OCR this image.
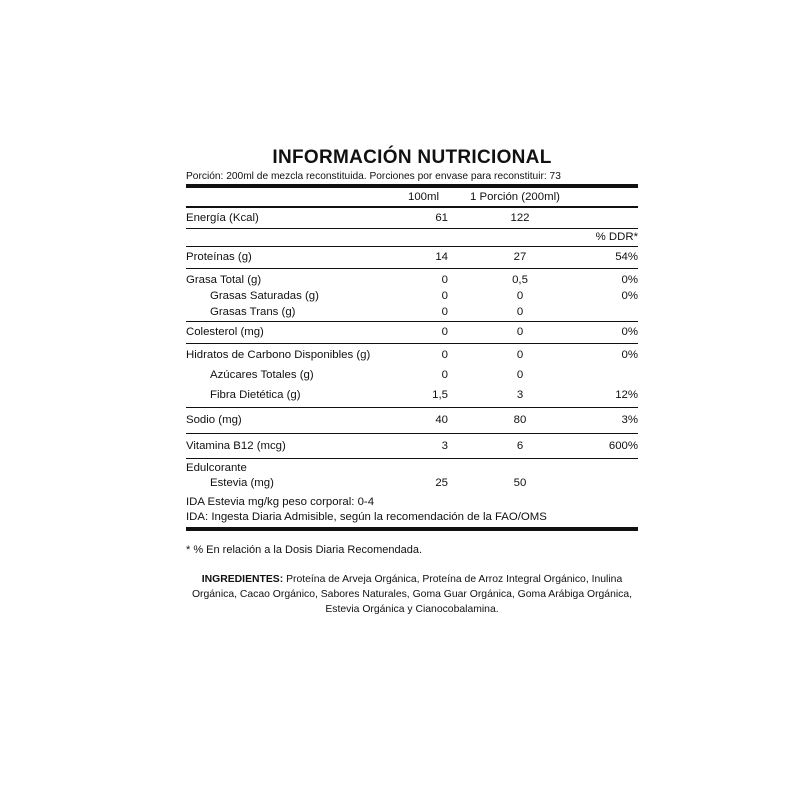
INFORMACIÓN NUTRICIONAL
Porción: 200ml de mezcla reconstituida. Porciones por envase para reconstituir: 73
100ml	1 Porción (200ml)
Energía (Kcal)	61	122
% DDR*
Proteínas (g)	14	27	54%
Grasa Total (g)	0	0,5	0%
Grasas Saturadas (g)	0	0	0%
Grasas Trans (g)	0	0
Colesterol (mg)	0	0	0%
Hidratos de Carbono Disponibles (g)	0	0	0%
Azúcares Totales (g)	0	0
Fibra Dietética (g)	1,5	3	12%
Sodio (mg)	40	80	3%
Vitamina B12 (mcg)	3	6	600%
Edulcorante
Estevia (mg)	25	50
IDA Estevia mg/kg peso corporal: 0-4
IDA: Ingesta Diaria Admisible, según la recomendación de la FAO/OMS
* % En relación a la Dosis Diaria Recomendada.
INGREDIENTES: Proteína de Arveja Orgánica, Proteína de Arroz Integral Orgánico, Inulina Orgánica, Cacao Orgánico, Sabores Naturales, Goma Guar Orgánica, Goma Arábiga Orgánica, Estevia Orgánica y Cianocobalamina.
